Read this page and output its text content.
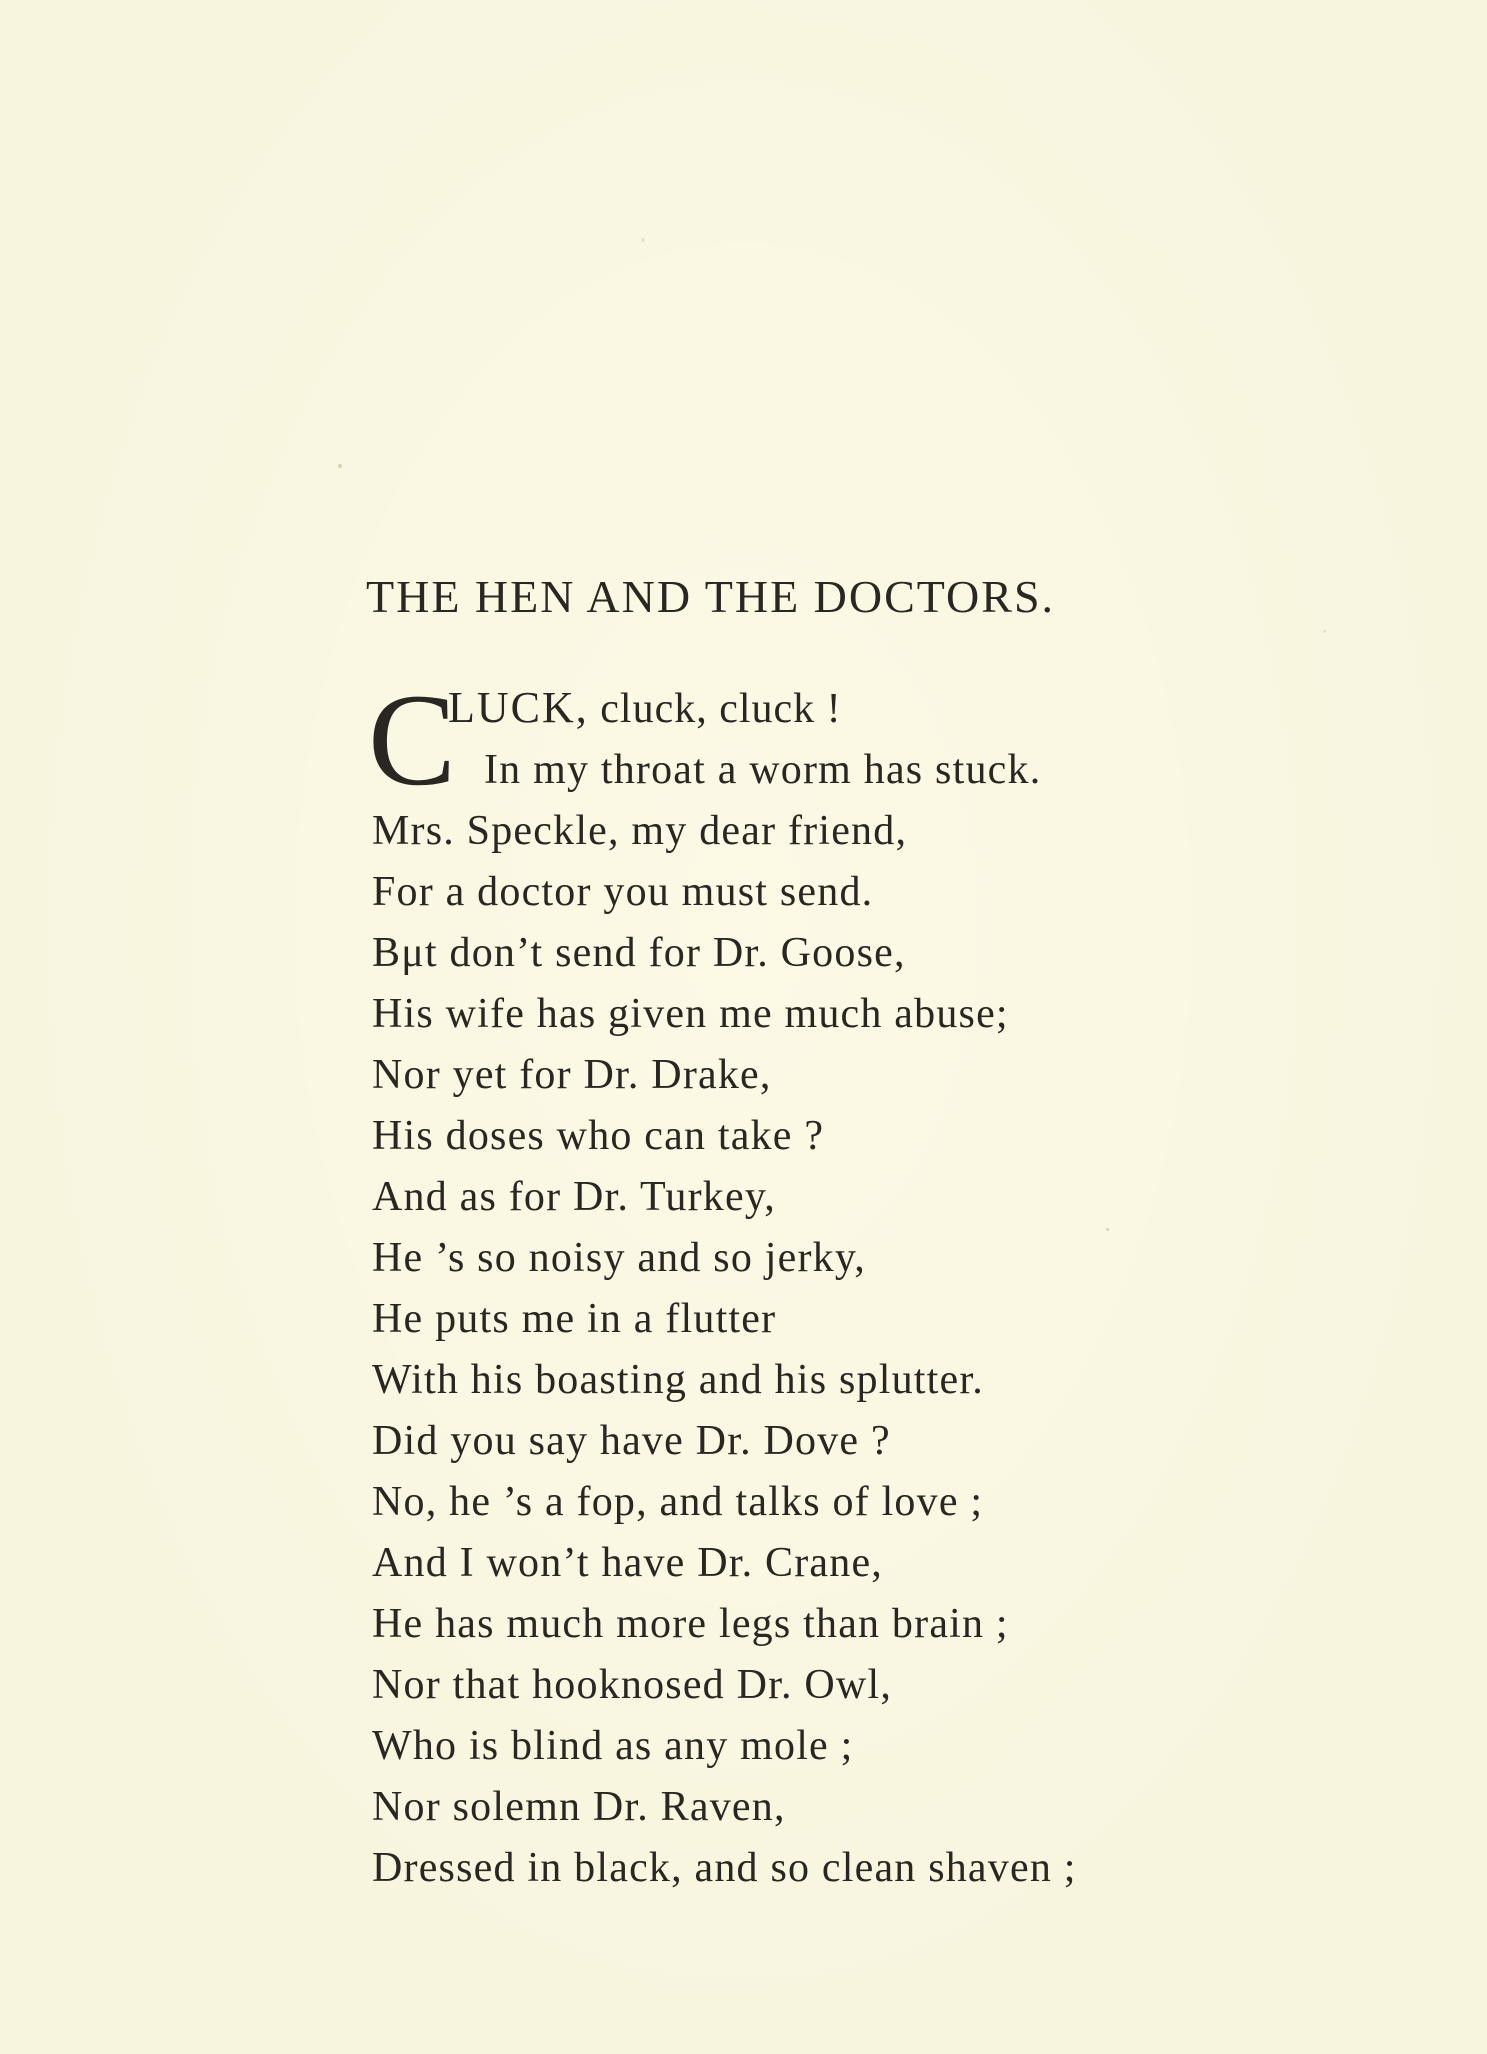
THE HEN AND THE DOCTORS.
C
LUCK, cluck, cluck !
In my throat a worm has stuck.
Mrs. Speckle, my dear friend,
For a doctor you must send.
Bμt don’t send for Dr. Goose,
His wife has given me much abuse;
Nor yet for Dr. Drake,
His doses who can take ?
And as for Dr. Turkey,
He ’s so noisy and so jerky,
He puts me in a flutter
With his boasting and his splutter.
Did you say have Dr. Dove ?
No, he ’s a fop, and talks of love ;
And I won’t have Dr. Crane,
He has much more legs than brain ;
Nor that hooknosed Dr. Owl,
Who is blind as any mole ;
Nor solemn Dr. Raven,
Dressed in black, and so clean shaven ;
